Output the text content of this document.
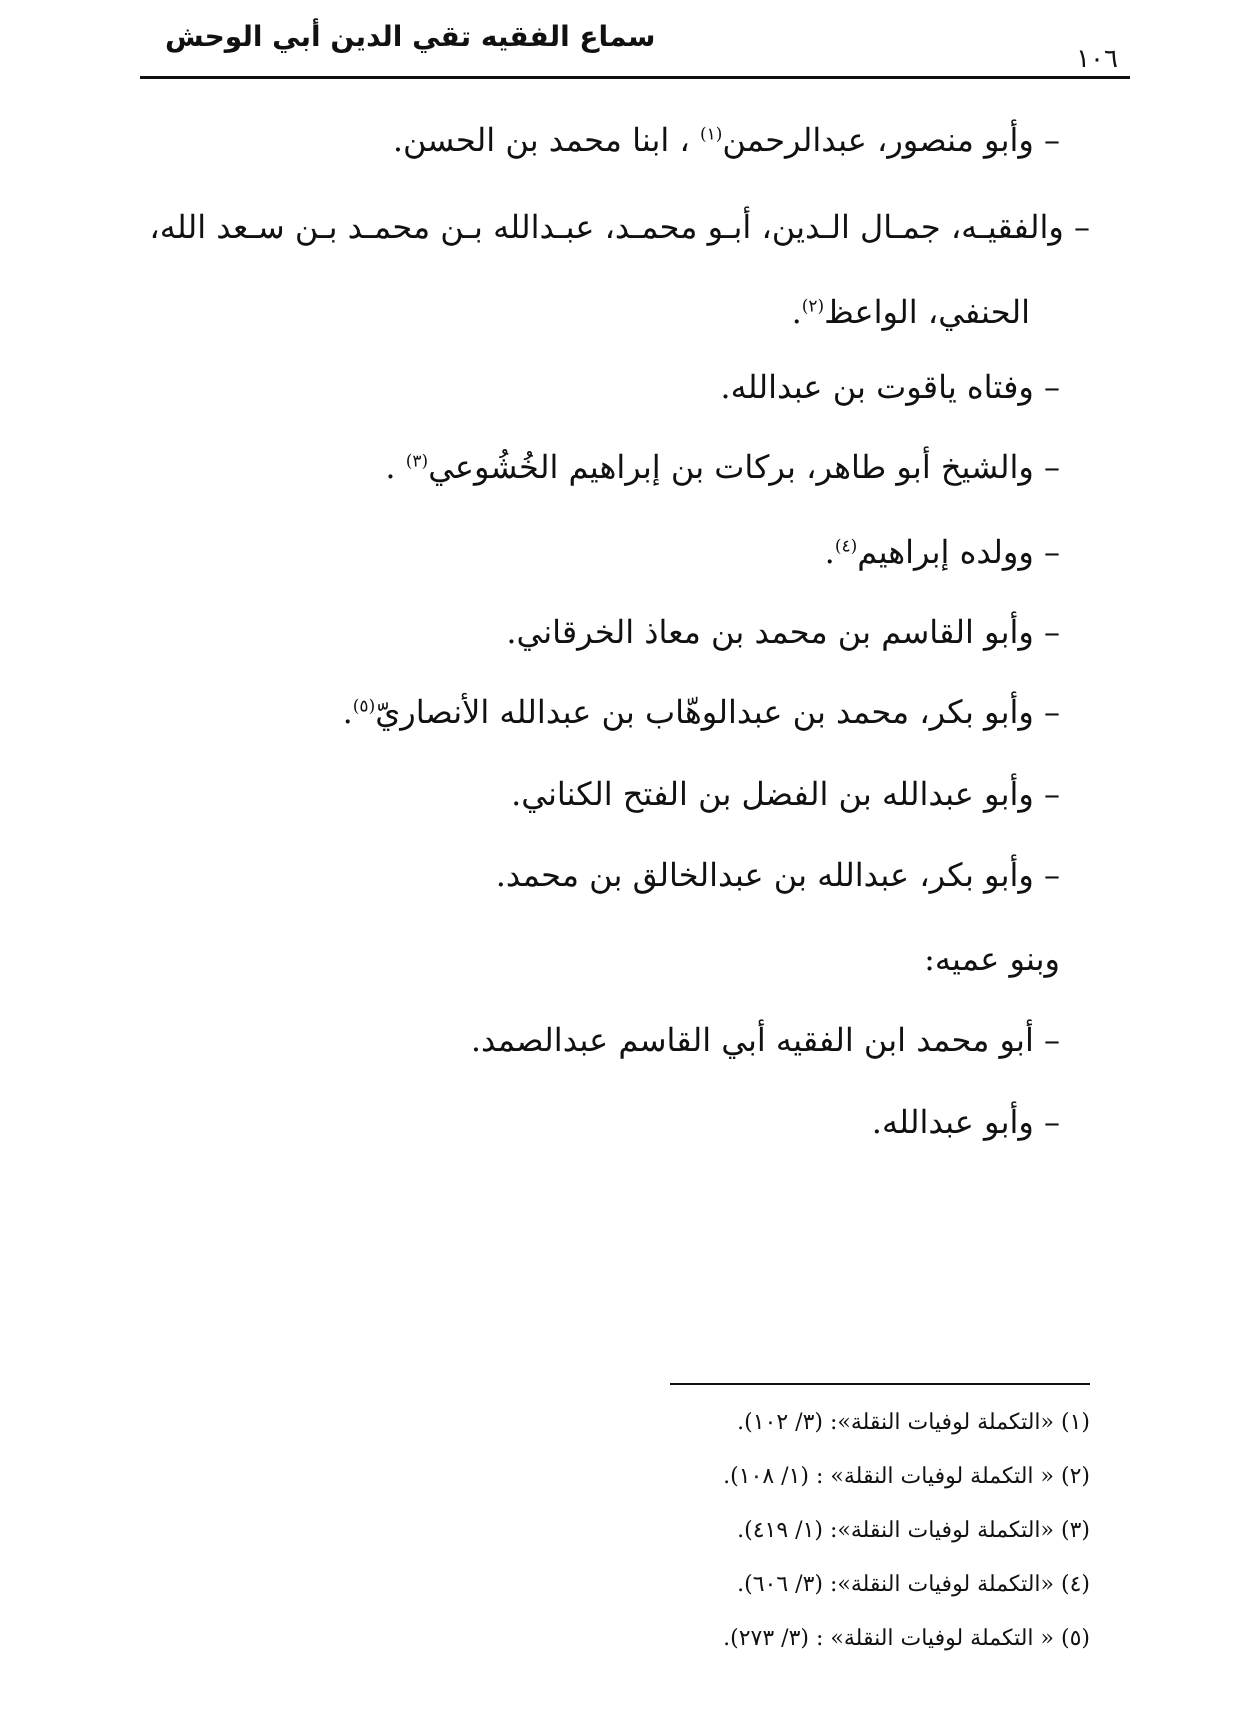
سماع الفقيه تقي الدين أبي الوحش
١٠٦
– وأبو منصور، عبدالرحمن$^{(١)}$ ، ابنا محمد بن الحسن.
– والفقيـه، جمـال الـدين، أبـو محمـد، عبـدالله بـن محمـد بـن سـعد الله،
الحنفي، الواعظ$^{(٢)}$.
– وفتاه ياقوت بن عبدالله.
– والشيخ أبو طاهر، بركات بن إبراهيم الخُشُوعي$^{(٣)}$ .
– وولده إبراهيم$^{(٤)}$.
– وأبو القاسم بن محمد بن معاذ الخرقاني.
– وأبو بكر، محمد بن عبدالوهّاب بن عبدالله الأنصاريّ$^{(٥)}$.
– وأبو عبدالله بن الفضل بن الفتح الكناني.
– وأبو بكر، عبدالله بن عبدالخالق بن محمد.
وبنو عميه:
– أبو محمد ابن الفقيه أبي القاسم عبدالصمد.
– وأبو عبدالله.
(١) «التكملة لوفيات النقلة»: (٣/ ١٠٢).
(٢) « التكملة لوفيات النقلة» : (١/ ١٠٨).
(٣) «التكملة لوفيات النقلة»: (١/ ٤١٩).
(٤) «التكملة لوفيات النقلة»: (٣/ ٦٠٦).
(٥) « التكملة لوفيات النقلة» : (٣/ ٢٧٣).
